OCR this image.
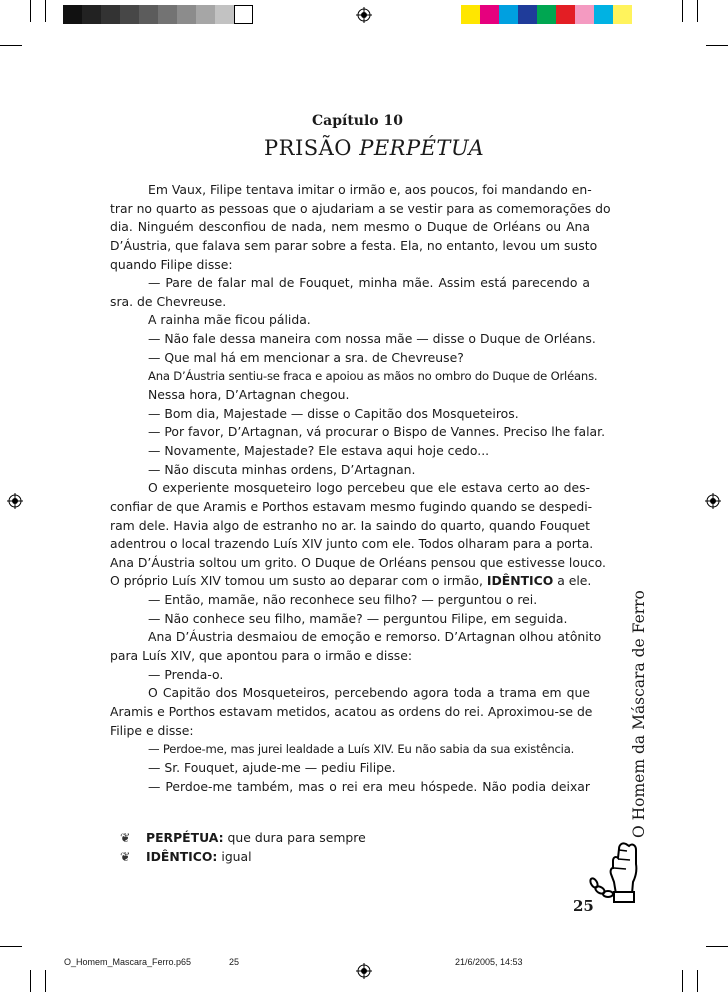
Capítulo 10
PRISÃO PERPÉTUA

Em Vaux, Filipe tentava imitar o irmão e, aos poucos, foi mandando en-

trar no quarto as pessoas que o ajudariam a se vestir para as comemorações do

dia. Ninguém desconfiou de nada, nem mesmo o Duque de Orléans ou Ana

D’Áustria, que falava sem parar sobre a festa. Ela, no entanto, levou um susto

quando Filipe disse:

— Pare de falar mal de Fouquet, minha mãe. Assim está parecendo a

sra. de Chevreuse.

A rainha mãe ficou pálida.

— Não fale dessa maneira com nossa mãe — disse o Duque de Orléans.

— Que mal há em mencionar a sra. de Chevreuse?

Ana D’Áustria sentiu-se fraca e apoiou as mãos no ombro do Duque de Orléans.

Nessa hora, D’Artagnan chegou.

— Bom dia, Majestade — disse o Capitão dos Mosqueteiros.

— Por favor, D’Artagnan, vá procurar o Bispo de Vannes. Preciso lhe falar.

— Novamente, Majestade? Ele estava aqui hoje cedo...

— Não discuta minhas ordens, D’Artagnan.

O experiente mosqueteiro logo percebeu que ele estava certo ao des-

confiar de que Aramis e Porthos estavam mesmo fugindo quando se despedi-

ram dele. Havia algo de estranho no ar. Ia saindo do quarto, quando Fouquet

adentrou o local trazendo Luís XIV junto com ele. Todos olharam para a porta.

Ana D’Áustria soltou um grito. O Duque de Orléans pensou que estivesse louco.

O próprio Luís XIV tomou um susto ao deparar com o irmão, IDÊNTICO a ele.

— Então, mamãe, não reconhece seu filho? — perguntou o rei.

— Não conhece seu filho, mamãe? — perguntou Filipe, em seguida.

Ana D’Áustria desmaiou de emoção e remorso. D’Artagnan olhou atônito

para Luís XIV, que apontou para o irmão e disse:

— Prenda-o.

O Capitão dos Mosqueteiros, percebendo agora toda a trama em que

Aramis e Porthos estavam metidos, acatou as ordens do rei. Aproximou-se de

Filipe e disse:

— Perdoe-me, mas jurei lealdade a Luís XIV. Eu não sabia da sua existência.

— Sr. Fouquet, ajude-me — pediu Filipe.

— Perdoe-me também, mas o rei era meu hóspede. Não podia deixar

❦	PERPÉTUA: que dura para sempre
❦	IDÊNTICO: igual
O Homem da Máscara de Ferro
25
O_Homem_Mascara_Ferro.p65	25	21/6/2005, 14:53
